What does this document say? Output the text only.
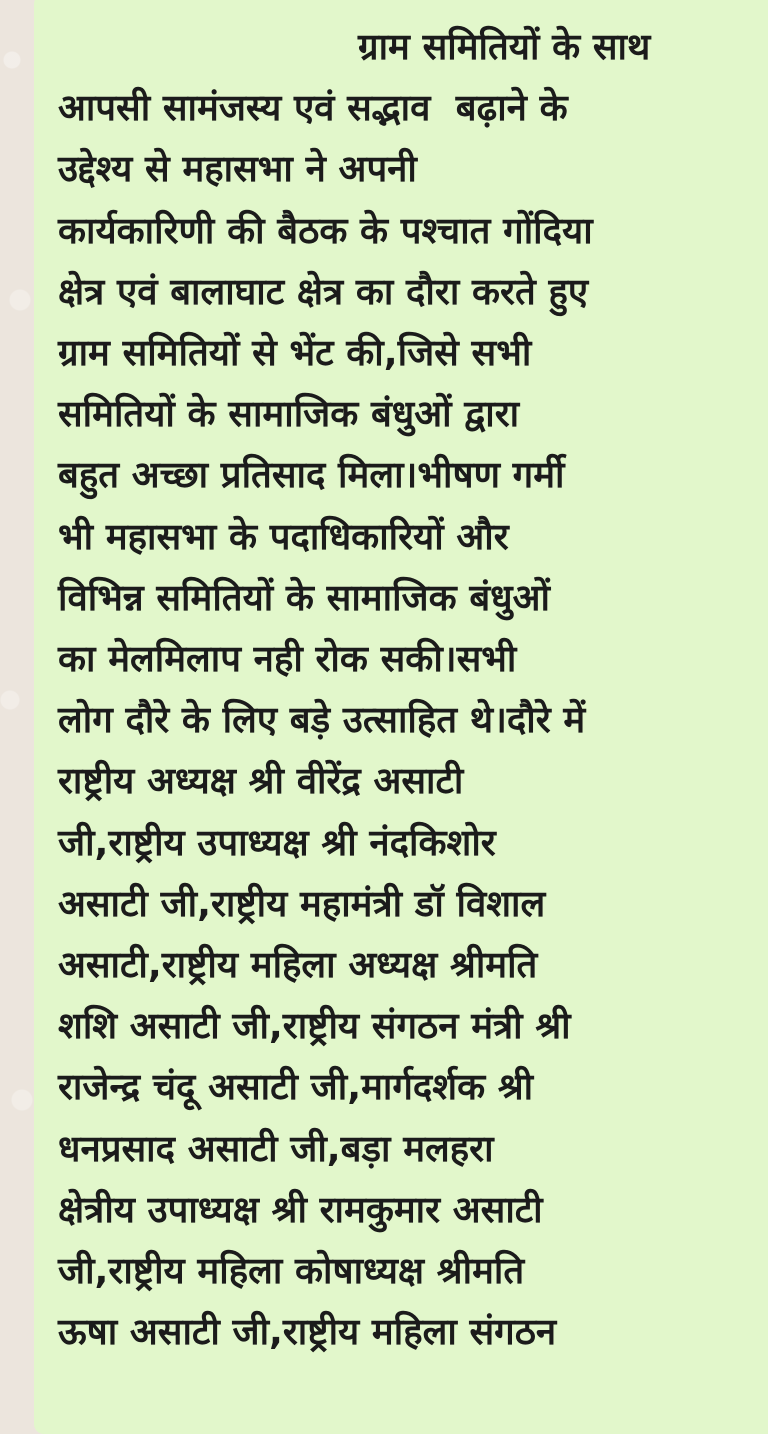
ग्राम समितियों के साथ
आपसी सामंजस्य एवं सद्भाव  बढ़ाने के
उद्देश्य से महासभा ने अपनी
कार्यकारिणी की बैठक के पश्चात गोंदिया
क्षेत्र एवं बालाघाट क्षेत्र का दौरा करते हुए
ग्राम समितियों से भेंट की,जिसे सभी
समितियों के सामाजिक बंधुओं द्वारा
बहुत अच्छा प्रतिसाद मिला।भीषण गर्मी
भी महासभा के पदाधिकारियों और
विभिन्न समितियों के सामाजिक बंधुओं
का मेलमिलाप नही रोक सकी।सभी
लोग दौरे के लिए बड़े उत्साहित थे।दौरे में
राष्ट्रीय अध्यक्ष श्री वीरेंद्र असाटी
जी,राष्ट्रीय उपाध्यक्ष श्री नंदकिशोर
असाटी जी,राष्ट्रीय महामंत्री डॉ विशाल
असाटी,राष्ट्रीय महिला अध्यक्ष श्रीमति
शशि असाटी जी,राष्ट्रीय संगठन मंत्री श्री
राजेन्द्र चंदू असाटी जी,मार्गदर्शक श्री
धनप्रसाद असाटी जी,बड़ा मलहरा
क्षेत्रीय उपाध्यक्ष श्री रामकुमार असाटी
जी,राष्ट्रीय महिला कोषाध्यक्ष श्रीमति
ऊषा असाटी जी,राष्ट्रीय महिला संगठन
